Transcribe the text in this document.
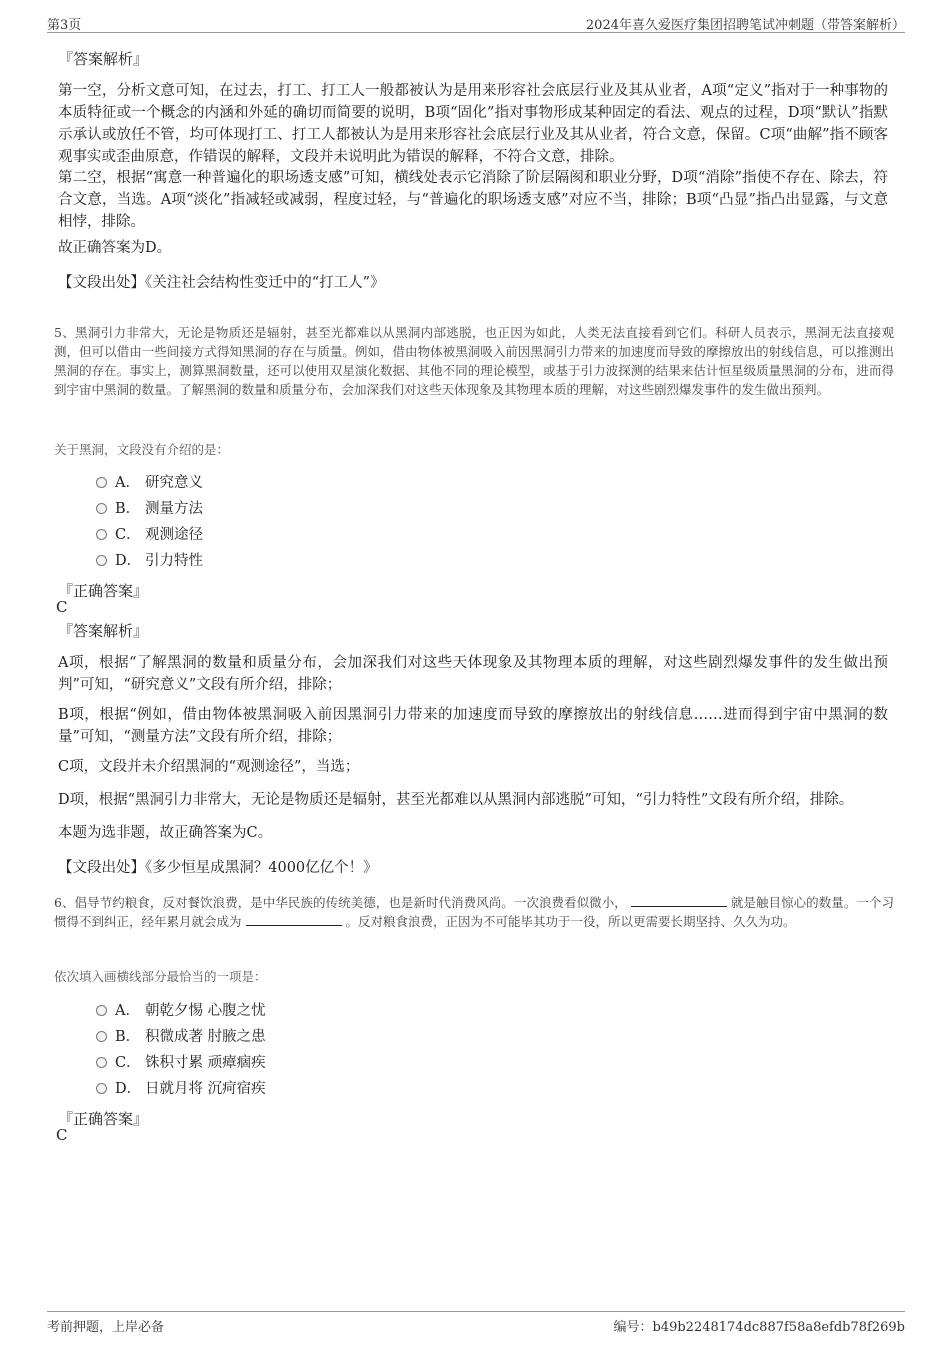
第3页	2024年喜久爱医疗集团招聘笔试冲刺题（带答案解析）
『答案解析』
第一空，分析文意可知，在过去，打工、打工人一般都被认为是用来形容社会底层行业及其从业者，A项“定义”指对于一种事物的本质特征或一个概念的内涵和外延的确切而简要的说明，B项“固化”指对事物形成某种固定的看法、观点的过程，D项“默认”指默示承认或放任不管，均可体现打工、打工人都被认为是用来形容社会底层行业及其从业者，符合文意，保留。C项“曲解”指不顾客观事实或歪曲原意，作错误的解释，文段并未说明此为错误的解释，不符合文意，排除。
第二空，根据“寓意一种普遍化的职场透支感”可知，横线处表示它消除了阶层隔阂和职业分野，D项“消除”指使不存在、除去，符合文意，当选。A项“淡化”指减轻或减弱，程度过轻，与“普遍化的职场透支感”对应不当，排除；B项“凸显”指凸出显露，与文意相悖，排除。
故正确答案为D。
【文段出处】《关注社会结构性变迁中的“打工人”》
5、黑洞引力非常大，无论是物质还是辐射，甚至光都难以从黑洞内部逃脱，也正因为如此，人类无法直接看到它们。科研人员表示，黑洞无法直接观测，但可以借由一些间接方式得知黑洞的存在与质量。例如，借由物体被黑洞吸入前因黑洞引力带来的加速度而导致的摩擦放出的射线信息，可以推测出黑洞的存在。事实上，测算黑洞数量，还可以使用双星演化数据、其他不同的理论模型，或基于引力波探测的结果来估计恒星级质量黑洞的分布，进而得到宇宙中黑洞的数量。了解黑洞的数量和质量分布，会加深我们对这些天体现象及其物理本质的理解，对这些剧烈爆发事件的发生做出预判。
关于黑洞，文段没有介绍的是：
A． 研究意义
B． 测量方法
C． 观测途径
D． 引力特性
『正确答案』
C
『答案解析』
A项，根据“了解黑洞的数量和质量分布，会加深我们对这些天体现象及其物理本质的理解，对这些剧烈爆发事件的发生做出预判”可知，“研究意义”文段有所介绍，排除；
B项，根据“例如，借由物体被黑洞吸入前因黑洞引力带来的加速度而导致的摩擦放出的射线信息……进而得到宇宙中黑洞的数量”可知，“测量方法”文段有所介绍，排除；
C项，文段并未介绍黑洞的“观测途径”，当选；
D项，根据“黑洞引力非常大，无论是物质还是辐射，甚至光都难以从黑洞内部逃脱”可知，“引力特性”文段有所介绍，排除。
本题为选非题，故正确答案为C。
【文段出处】《多少恒星成黑洞？4000亿亿个！》
6、倡导节约粮食，反对餐饮浪费，是中华民族的传统美德，也是新时代消费风尚。一次浪费看似微小，	就是触目惊心的数量。一个习惯得不到纠正，经年累月就会成为	。反对粮食浪费，正因为不可能毕其功于一役，所以更需要长期坚持、久久为功。
依次填入画横线部分最恰当的一项是：
A． 朝乾夕惕 心腹之忧
B． 积微成著 肘腋之患
C． 铢积寸累 顽瘴痼疾
D． 日就月将 沉疴宿疾
『正确答案』
C
考前押题，上岸必备	编号：b49b2248174dc887f58a8efdb78f269b
